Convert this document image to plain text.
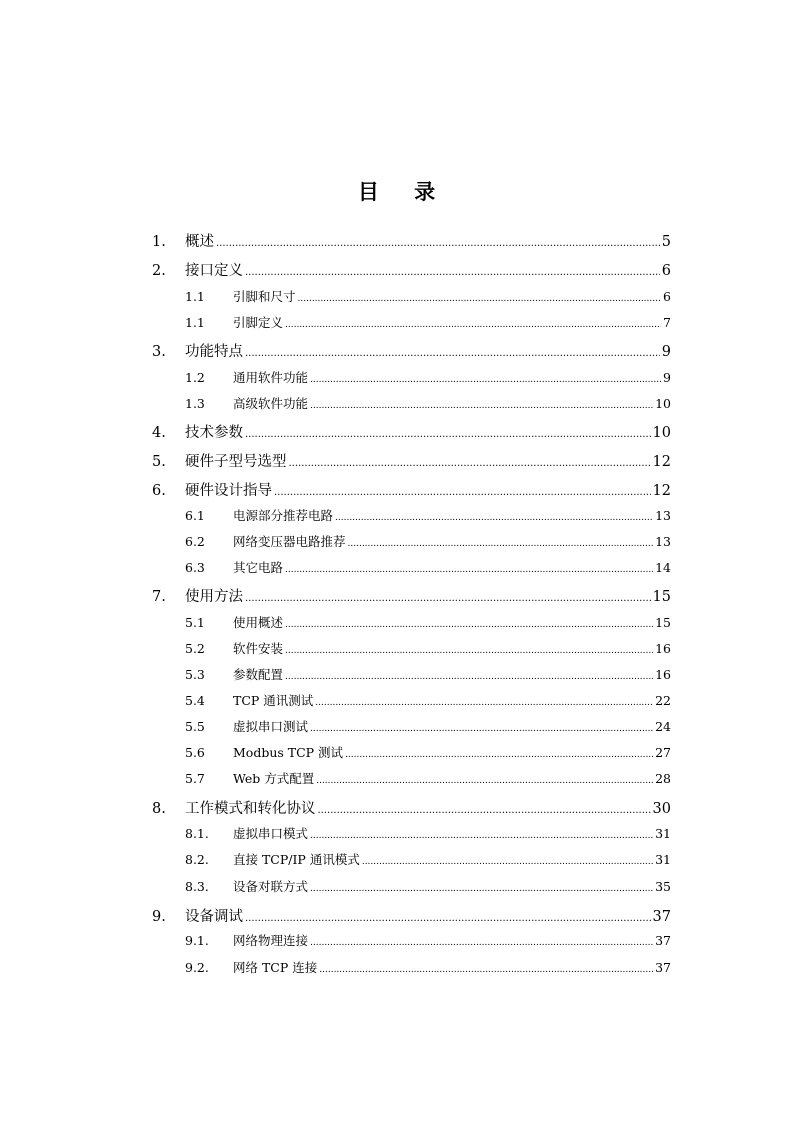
目 录
1.	概述 .....	5
2.	接口定义 .....	6
1.1	引脚和尺寸 .....	6
1.1	引脚定义 .....	7
3.	功能特点 .....	9
1.2	通用软件功能 .....	9
1.3	高级软件功能 .....	10
4.	技术参数 .....	10
5.	硬件子型号选型 .....	12
6.	硬件设计指导 .....	12
6.1	电源部分推荐电路 .....	13
6.2	网络变压器电路推荐 .....	13
6.3	其它电路 .....	14
7.	使用方法 .....	15
5.1	使用概述 .....	15
5.2	软件安装 .....	16
5.3	参数配置 .....	16
5.4	TCP 通讯测试 .....	22
5.5	虚拟串口测试 .....	24
5.6	Modbus TCP 测试 .....	27
5.7	Web 方式配置 .....	28
8.	工作模式和转化协议 .....	30
8.1.	虚拟串口模式 .....	31
8.2.	直接 TCP/IP 通讯模式 .....	31
8.3.	设备对联方式 .....	35
9.	设备调试 .....	37
9.1.	网络物理连接 .....	37
9.2.	网络 TCP 连接 .....	37
